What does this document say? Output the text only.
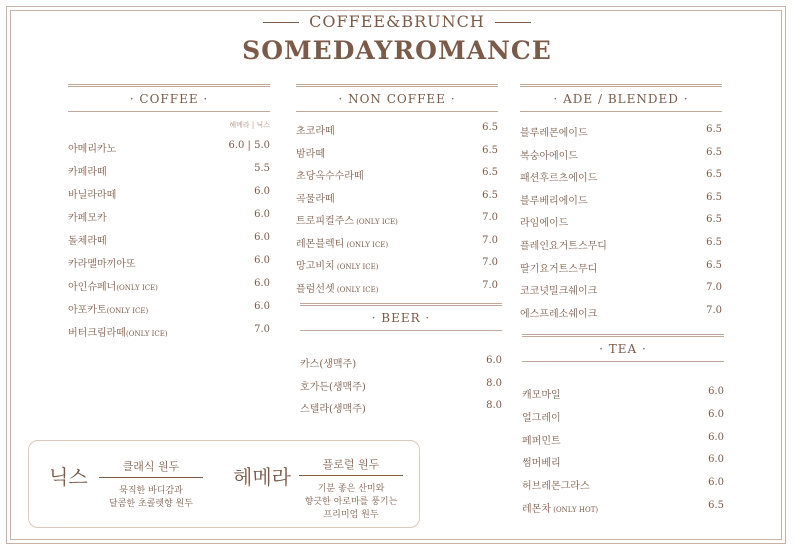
COFFEE&BRUNCH
SOMEDAYROMANCE
· COFFEE ·
헤메라 | 닉스
아메리카노	6.0 | 5.0
카페라떼	5.5
바닐라라떼	6.0
카페모카	6.0
돌체라떼	6.0
카라멜마끼아또	6.0
아인슈페너(ONLY ICE)	6.0
아포카토(ONLY ICE)	6.0
버터크림라떼(ONLY ICE)	7.0
· NON COFFEE ·
초코라떼	6.5
밤라떼	6.5
초당옥수수라떼	6.5
곡물라떼	6.5
트로피컬주스 (ONLY ICE)	7.0
레몬블렉티 (ONLY ICE)	7.0
망고비치 (ONLY ICE)	7.0
플럼선셋 (ONLY ICE)	7.0
· BEER ·
카스(생맥주)	6.0
호가든(생맥주)	8.0
스텔라(생맥주)	8.0
· ADE / BLENDED ·
블루레몬에이드	6.5
복숭아에이드	6.5
패션후르츠에이드	6.5
블루베리에이드	6.5
라임에이드	6.5
플레인요거트스무디	6.5
딸기요거트스무디	6.5
코코넛밀크쉐이크	7.0
에스프레소쉐이크	7.0
· TEA ·
캐모마일	6.0
얼그레이	6.0
페퍼민트	6.0
썸머베리	6.0
허브레몬그라스	6.0
레몬차 (ONLY HOT)	6.5
닉스	클래식 원두
묵직한 바디감과
달콤한 초콜렛향 원두
헤메라
플로럴 원두
기분 좋은 산미와
향긋한 아로마를 풍기는
프리미엄 원두
